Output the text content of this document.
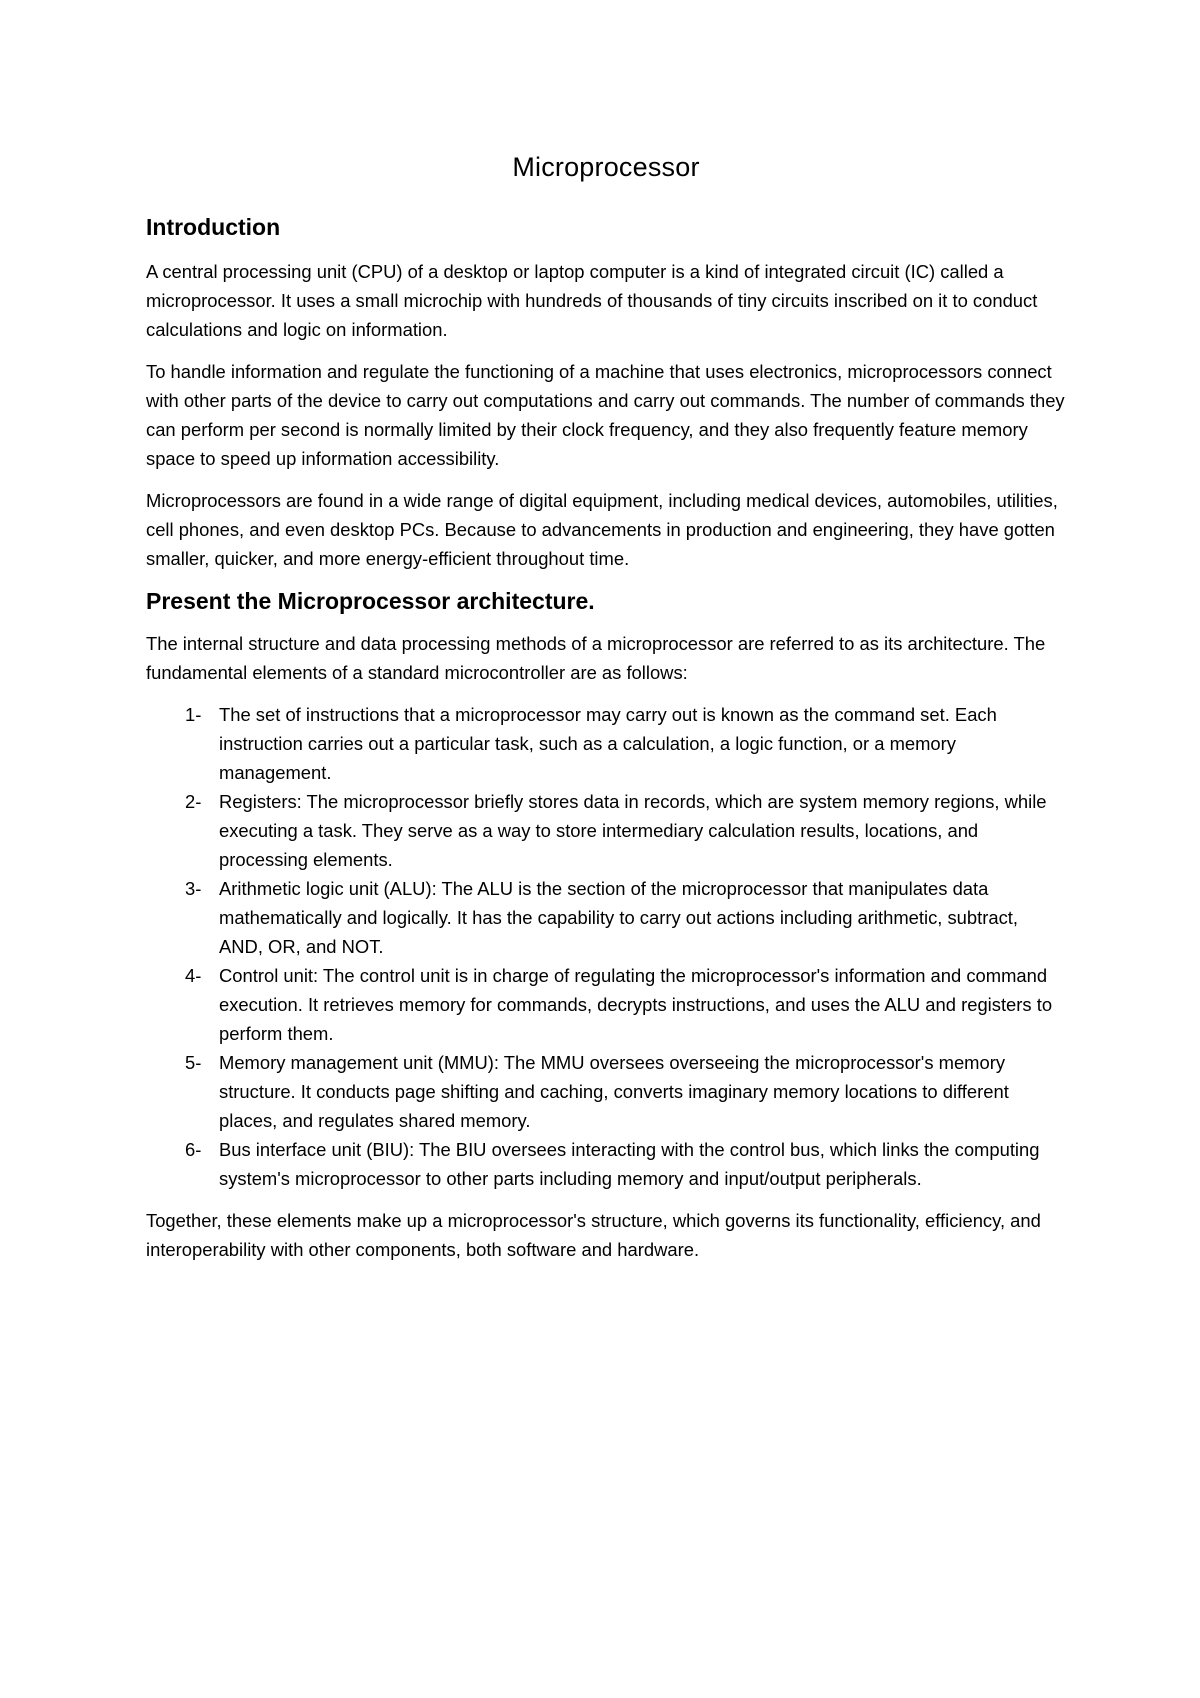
Microprocessor
Introduction

A central processing unit (CPU) of a desktop or laptop computer is a kind of integrated circuit (IC) called a microprocessor. It uses a small microchip with hundreds of thousands of tiny circuits inscribed on it to conduct calculations and logic on information.

To handle information and regulate the functioning of a machine that uses electronics, microprocessors connect with other parts of the device to carry out computations and carry out commands. The number of commands they can perform per second is normally limited by their clock frequency, and they also frequently feature memory space to speed up information accessibility.

Microprocessors are found in a wide range of digital equipment, including medical devices, automobiles, utilities, cell phones, and even desktop PCs. Because to advancements in production and engineering, they have gotten smaller, quicker, and more energy-efficient throughout time.

Present the Microprocessor architecture.

The internal structure and data processing methods of a microprocessor are referred to as its architecture. The fundamental elements of a standard microcontroller are as follows:

1- The set of instructions that a microprocessor may carry out is known as the command set. Each instruction carries out a particular task, such as a calculation, a logic function, or a memory management.
2- Registers: The microprocessor briefly stores data in records, which are system memory regions, while executing a task. They serve as a way to store intermediary calculation results, locations, and processing elements.
3- Arithmetic logic unit (ALU): The ALU is the section of the microprocessor that manipulates data mathematically and logically. It has the capability to carry out actions including arithmetic, subtract, AND, OR, and NOT.
4- Control unit: The control unit is in charge of regulating the microprocessor's information and command execution. It retrieves memory for commands, decrypts instructions, and uses the ALU and registers to perform them.
5- Memory management unit (MMU): The MMU oversees overseeing the microprocessor's memory structure. It conducts page shifting and caching, converts imaginary memory locations to different places, and regulates shared memory.
6- Bus interface unit (BIU): The BIU oversees interacting with the control bus, which links the computing system's microprocessor to other parts including memory and input/output peripherals.

Together, these elements make up a microprocessor's structure, which governs its functionality, efficiency, and interoperability with other components, both software and hardware.
